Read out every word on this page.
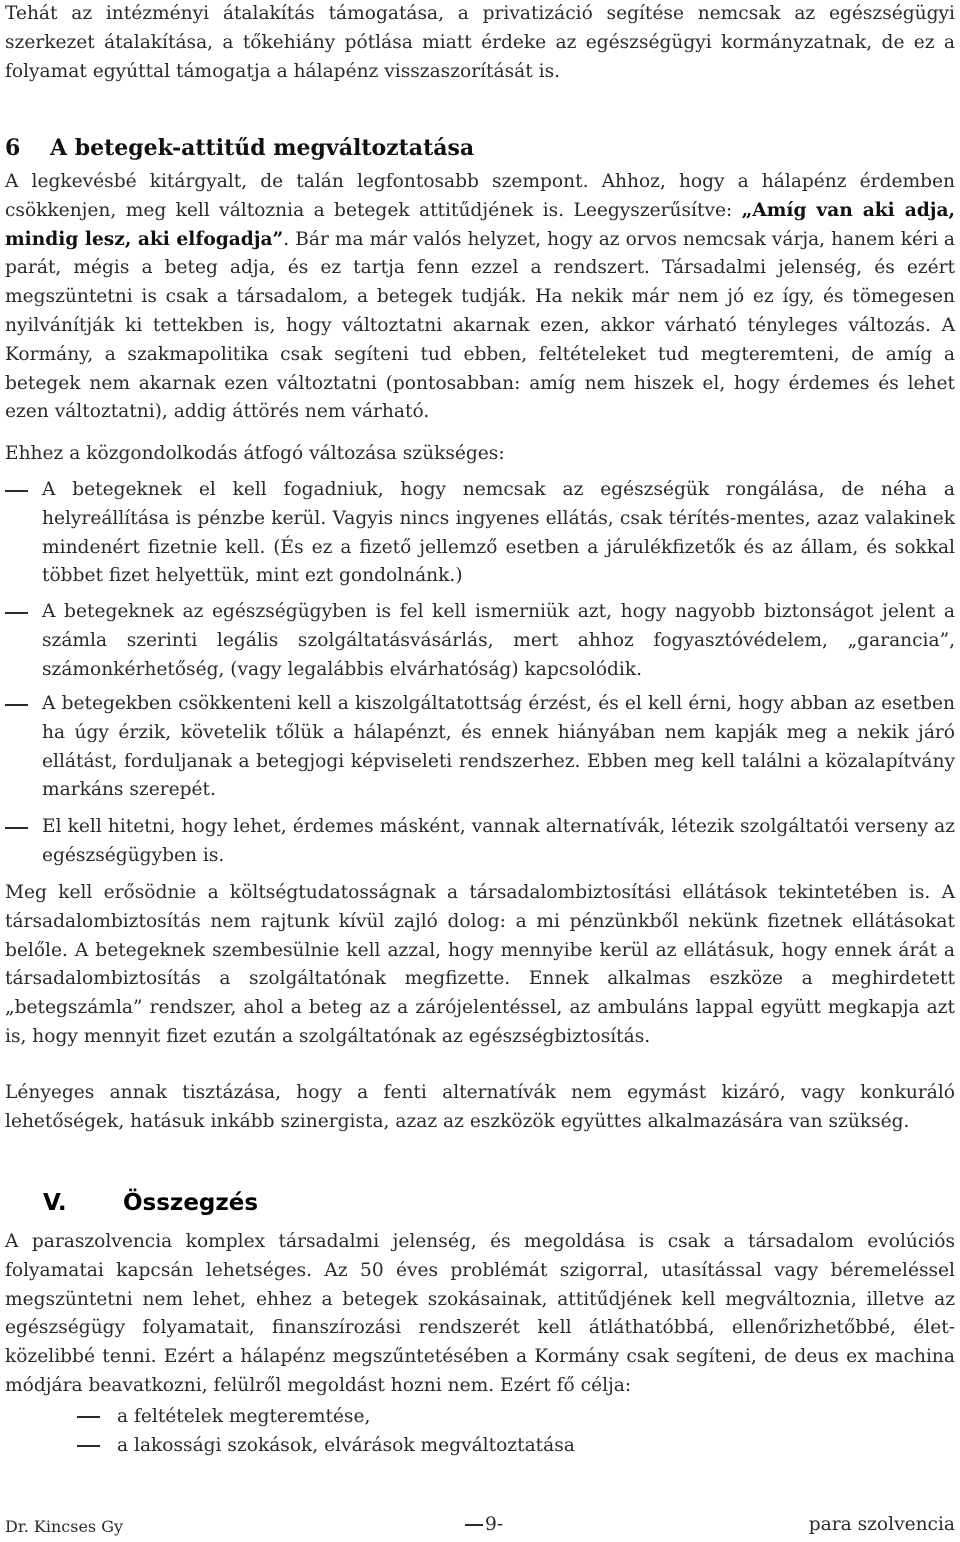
Tehát az intézményi átalakítás támogatása, a privatizáció segítése nemcsak az egészségügyi szerkezet átalakítása, a tőkehiány pótlása miatt érdeke az egészségügyi kormányzatnak, de ez a folyamat egyúttal támogatja a hálapénz visszaszorítását is.

6 A betegek-attitűd megváltoztatása

A legkevésbé kitárgyalt, de talán legfontosabb szempont. Ahhoz, hogy a hálapénz érdemben csökkenjen, meg kell változnia a betegek attitűdjének is. Leegyszerűsítve: „Amíg van aki adja, mindig lesz, aki elfogadja”. Bár ma már valós helyzet, hogy az orvos nemcsak várja, hanem kéri a parát, mégis a beteg adja, és ez tartja fenn ezzel a rendszert. Társadalmi jelenség, és ezért megszüntetni is csak a társadalom, a betegek tudják. Ha nekik már nem jó ez így, és tömegesen nyilvánítják ki tettekben is, hogy változtatni akarnak ezen, akkor várható tényleges változás. A Kormány, a szakmapolitika csak segíteni tud ebben, feltételeket tud megteremteni, de amíg a betegek nem akarnak ezen változtatni (pontosabban: amíg nem hiszek el, hogy érdemes és lehet ezen változtatni), addig áttörés nem várható.

Ehhez a közgondolkodás átfogó változása szükséges:

A betegeknek el kell fogadniuk, hogy nemcsak az egészségük rongálása, de néha a helyreállítása is pénzbe kerül. Vagyis nincs ingyenes ellátás, csak térítés-mentes, azaz valakinek mindenért fizetnie kell. (És ez a fizető jellemző esetben a járulékfizetők és az állam, és sokkal többet fizet helyettük, mint ezt gondolnánk.)

A betegeknek az egészségügyben is fel kell ismerniük azt, hogy nagyobb biztonságot jelent a számla szerinti legális szolgáltatásvásárlás, mert ahhoz fogyasztóvédelem, „garancia”, számonkérhetőség, (vagy legalábbis elvárhatóság) kapcsolódik.

A betegekben csökkenteni kell a kiszolgáltatottság érzést, és el kell érni, hogy abban az esetben ha úgy érzik, követelik tőlük a hálapénzt, és ennek hiányában nem kapják meg a nekik járó ellátást, forduljanak a betegjogi képviseleti rendszerhez. Ebben meg kell találni a közalapítvány markáns szerepét.

El kell hitetni, hogy lehet, érdemes másként, vannak alternatívák, létezik szolgáltatói verseny az egészségügyben is.

Meg kell erősödnie a költségtudatosságnak a társadalombiztosítási ellátások tekintetében is. A társadalombiztosítás nem rajtunk kívül zajló dolog: a mi pénzünkből nekünk fizetnek ellátásokat belőle. A betegeknek szembesülnie kell azzal, hogy mennyibe kerül az ellátásuk, hogy ennek árát a társadalombiztosítás a szolgáltatónak megfizette. Ennek alkalmas eszköze a meghirdetett „betegszámla” rendszer, ahol a beteg az a zárójelentéssel, az ambuláns lappal együtt megkapja azt is, hogy mennyit fizet ezután a szolgáltatónak az egészségbiztosítás.

Lényeges annak tisztázása, hogy a fenti alternatívák nem egymást kizáró, vagy konkuráló lehetőségek, hatásuk inkább szinergista, azaz az eszközök együttes alkalmazására van szükség.

V. Összegzés

A paraszolvencia komplex társadalmi jelenség, és megoldása is csak a társadalom evolúciós folyamatai kapcsán lehetséges. Az 50 éves problémát szigorral, utasítással vagy béremeléssel megszüntetni nem lehet, ehhez a betegek szokásainak, attitűdjének kell megváltoznia, illetve az egészségügy folyamatait, finanszírozási rendszerét kell átláthatóbbá, ellenőrizhetőbbé, élet-közelibbé tenni. Ezért a hálapénz megszűntetésében a Kormány csak segíteni, de deus ex machina módjára beavatkozni, felülről megoldást hozni nem. Ezért fő célja:

a feltételek megteremtése,
a lakossági szokások, elvárások megváltoztatása
Dr. Kincses Gy	9-	para szolvencia
